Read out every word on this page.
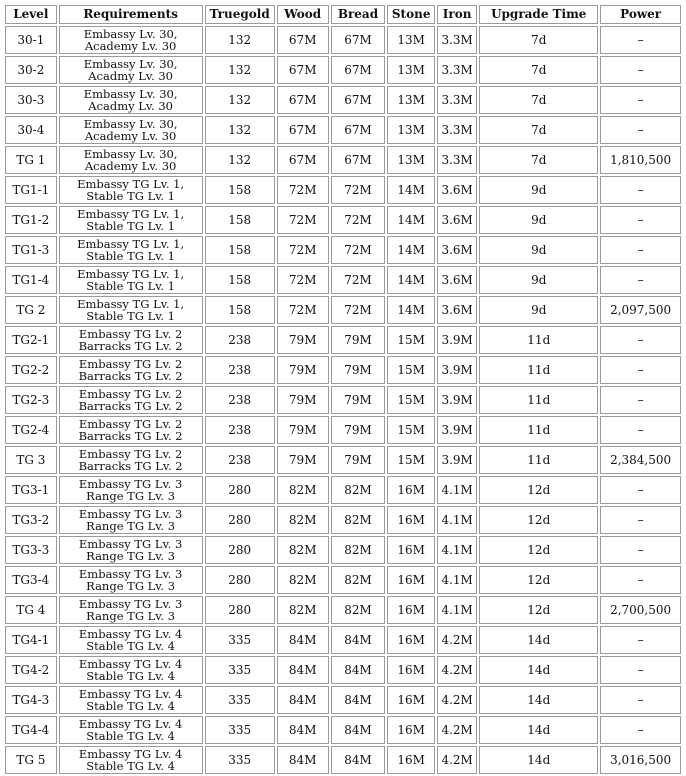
Level	Requirements	Truegold	Wood	Bread	Stone	Iron	Upgrade Time	Power
30-1	Embassy Lv. 30,
Academy Lv. 30	132	67M	67M	13M	3.3M	7d	–
30-2	Embassy Lv. 30,
Acadmy Lv. 30	132	67M	67M	13M	3.3M	7d	–
30-3	Embassy Lv. 30,
Acadmy Lv. 30	132	67M	67M	13M	3.3M	7d	–
30-4	Embassy Lv. 30,
Academy Lv. 30	132	67M	67M	13M	3.3M	7d	–
TG 1	Embassy Lv. 30,
Academy Lv. 30	132	67M	67M	13M	3.3M	7d	1,810,500
TG1-1	Embassy TG Lv. 1,
Stable TG Lv. 1	158	72M	72M	14M	3.6M	9d	–
TG1-2	Embassy TG Lv. 1,
Stable TG Lv. 1	158	72M	72M	14M	3.6M	9d	–
TG1-3	Embassy TG Lv. 1,
Stable TG Lv. 1	158	72M	72M	14M	3.6M	9d	–
TG1-4	Embassy TG Lv. 1,
Stable TG Lv. 1	158	72M	72M	14M	3.6M	9d	–
TG 2	Embassy TG Lv. 1,
Stable TG Lv. 1	158	72M	72M	14M	3.6M	9d	2,097,500
TG2-1	Embassy TG Lv. 2
Barracks TG Lv. 2	238	79M	79M	15M	3.9M	11d	–
TG2-2	Embassy TG Lv. 2
Barracks TG Lv. 2	238	79M	79M	15M	3.9M	11d	–
TG2-3	Embassy TG Lv. 2
Barracks TG Lv. 2	238	79M	79M	15M	3.9M	11d	–
TG2-4	Embassy TG Lv. 2
Barracks TG Lv. 2	238	79M	79M	15M	3.9M	11d	–
TG 3	Embassy TG Lv. 2
Barracks TG Lv. 2	238	79M	79M	15M	3.9M	11d	2,384,500
TG3-1	Embassy TG Lv. 3
Range TG Lv. 3	280	82M	82M	16M	4.1M	12d	–
TG3-2	Embassy TG Lv. 3
Range TG Lv. 3	280	82M	82M	16M	4.1M	12d	–
TG3-3	Embassy TG Lv. 3
Range TG Lv. 3	280	82M	82M	16M	4.1M	12d	–
TG3-4	Embassy TG Lv. 3
Range TG Lv. 3	280	82M	82M	16M	4.1M	12d	–
TG 4	Embassy TG Lv. 3
Range TG Lv. 3	280	82M	82M	16M	4.1M	12d	2,700,500
TG4-1	Embassy TG Lv. 4
Stable TG Lv. 4	335	84M	84M	16M	4.2M	14d	–
TG4-2	Embassy TG Lv. 4
Stable TG Lv. 4	335	84M	84M	16M	4.2M	14d	–
TG4-3	Embassy TG Lv. 4
Stable TG Lv. 4	335	84M	84M	16M	4.2M	14d	–
TG4-4	Embassy TG Lv. 4
Stable TG Lv. 4	335	84M	84M	16M	4.2M	14d	–
TG 5	Embassy TG Lv. 4
Stable TG Lv. 4	335	84M	84M	16M	4.2M	14d	3,016,500
